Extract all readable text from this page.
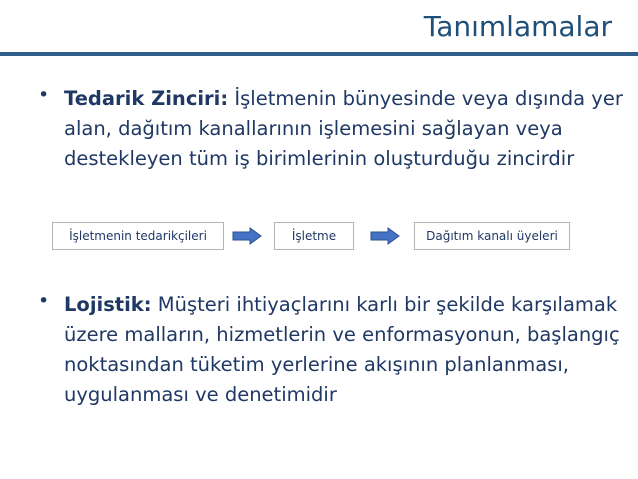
Tanımlamalar
• Tedarik Zinciri: İşletmenin bünyesinde veya dışında yer alan, dağıtım kanallarının işlemesini sağlayan veya destekleyen tüm iş birimlerinin oluşturduğu zincirdir
İşletmenin tedarikçileri	İşletme	Dağıtım kanalı üyeleri
• Lojistik: Müşteri ihtiyaçlarını karlı bir şekilde karşılamak üzere malların, hizmetlerin ve enformasyonun, başlangıç noktasından tüketim yerlerine akışının planlanması, uygulanması ve denetimidir
